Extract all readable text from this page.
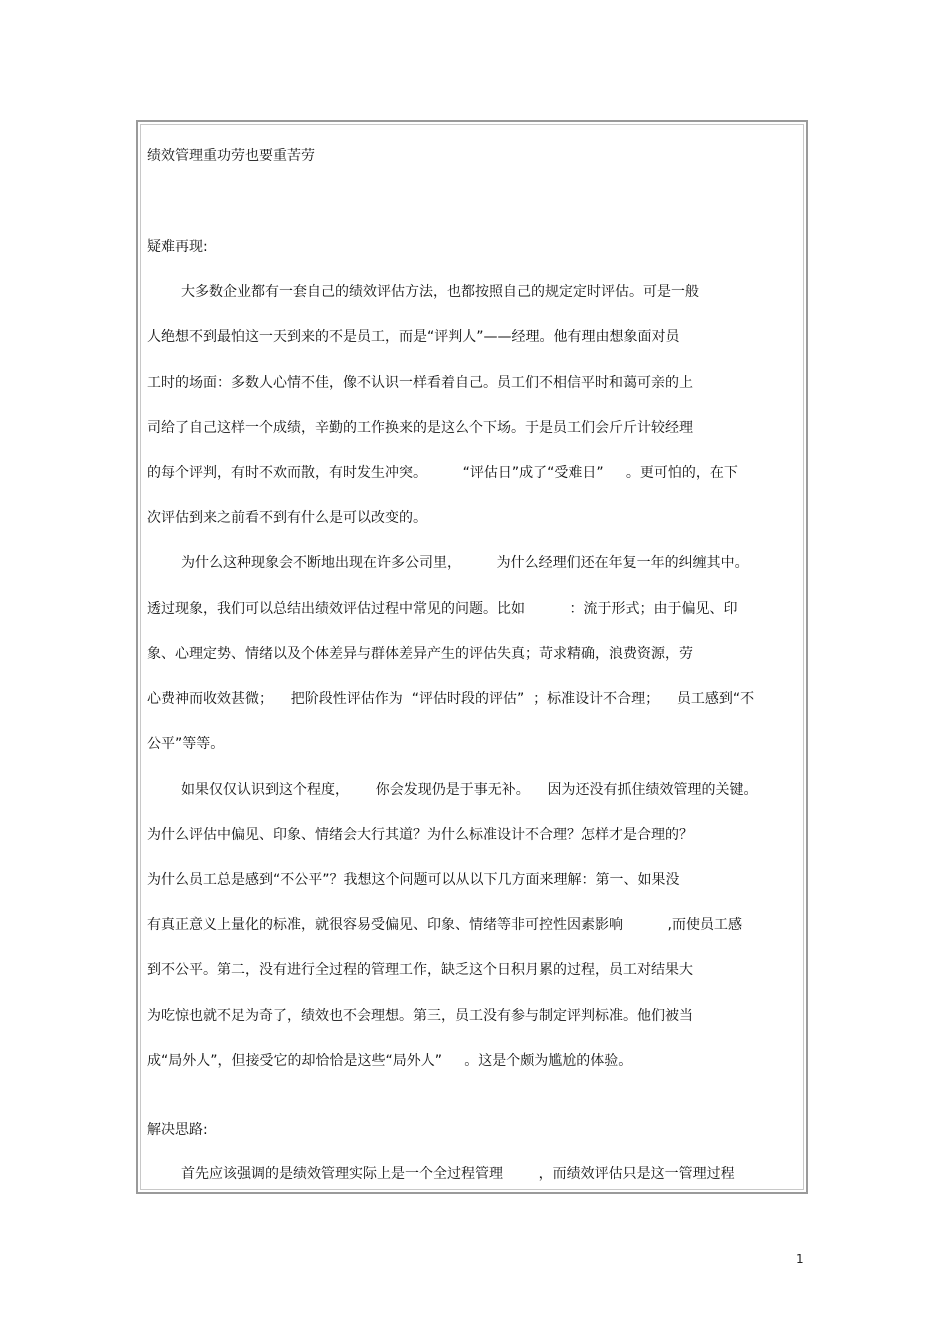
绩效管理重功劳也要重苦劳

疑难再现:

大多数企业都有一套自己的绩效评估方法，也都按照自己的规定定时评估。可是一般

人绝想不到最怕这一天到来的不是员工，而是“评判人”——经理。他有理由想象面对员

工时的场面：多数人心情不佳，像不认识一样看着自己。员工们不相信平时和蔼可亲的上

司给了自己这样一个成绩，辛勤的工作换来的是这么个下场。于是员工们会斤斤计较经理

的每个评判，有时不欢而散，有时发生冲突。        “评估日”成了“受难日”     。更可怕的，在下

次评估到来之前看不到有什么是可以改变的。

为什么这种现象会不断地出现在许多公司里，        为什么经理们还在年复一年的纠缠其中。

透过现象，我们可以总结出绩效评估过程中常见的问题。比如          ：流于形式；由于偏见、印

象、心理定势、情绪以及个体差异与群体差异产生的评估失真；苛求精确，浪费资源，劳

心费神而收效甚微；    把阶段性评估作为  “评估时段的评估”  ；标准设计不合理；    员工感到“不

公平”等等。

如果仅仅认识到这个程度，      你会发现仍是于事无补。    因为还没有抓住绩效管理的关键。

为什么评估中偏见、印象、情绪会大行其道？为什么标准设计不合理？怎样才是合理的？

为什么员工总是感到“不公平”？我想这个问题可以从以下几方面来理解：第一、如果没

有真正意义上量化的标准，就很容易受偏见、印象、情绪等非可控性因素影响          ,而使员工感

到不公平。第二，没有进行全过程的管理工作，缺乏这个日积月累的过程，员工对结果大

为吃惊也就不足为奇了，绩效也不会理想。第三，员工没有参与制定评判标准。他们被当

成“局外人”，但接受它的却恰恰是这些“局外人”     。这是个颇为尴尬的体验。

解决思路:

首先应该强调的是绩效管理实际上是一个全过程管理        ，而绩效评估只是这一管理过程

1
